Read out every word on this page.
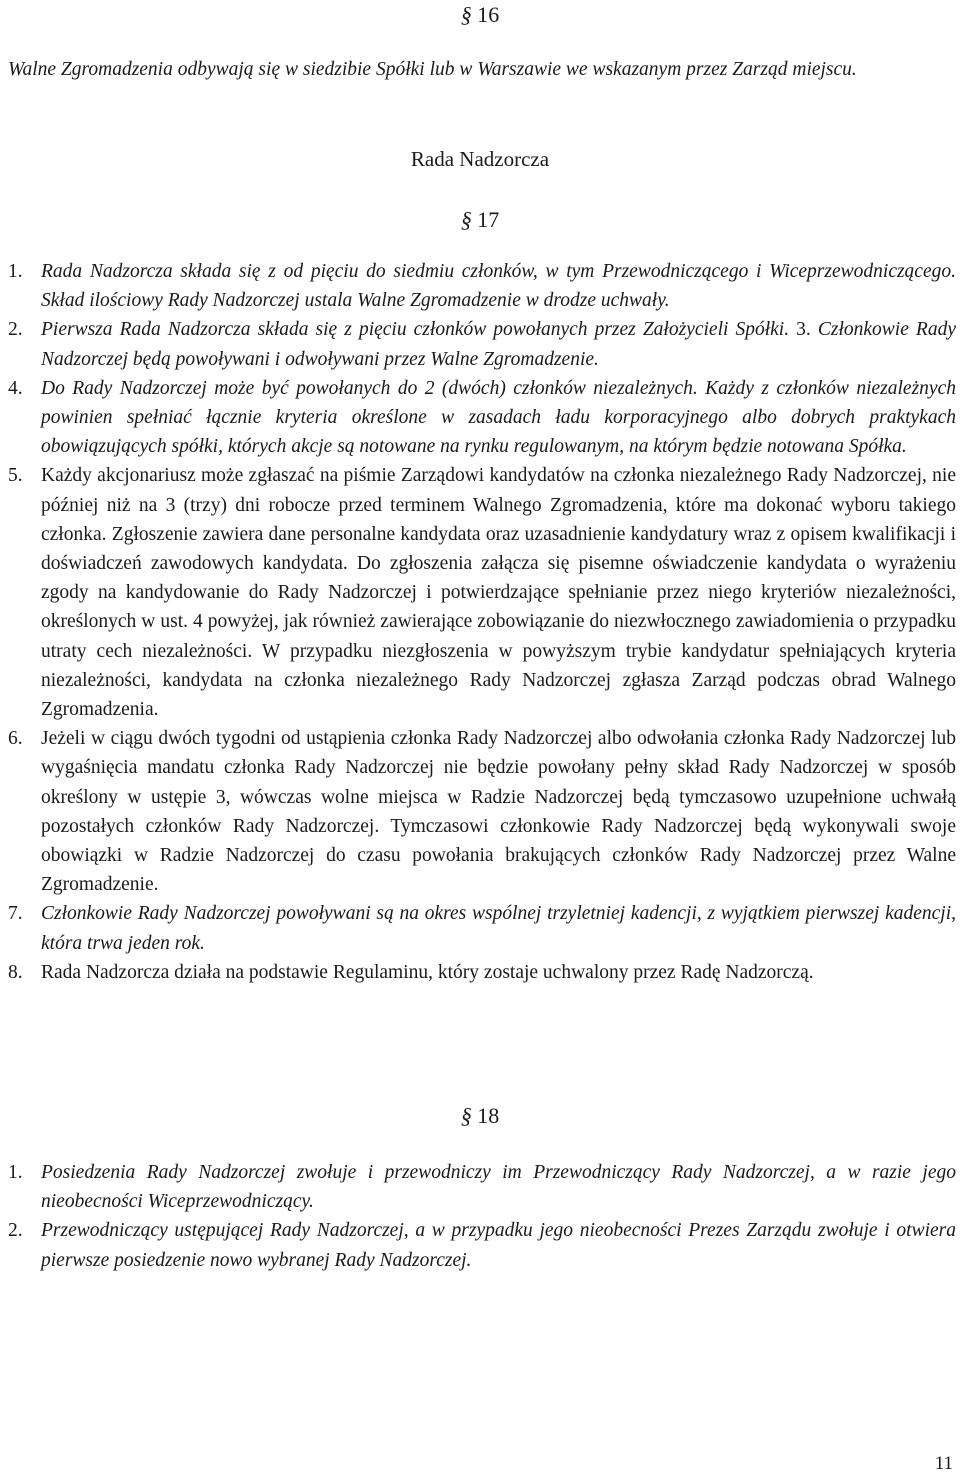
§ 16
Walne Zgromadzenia odbywają się w siedzibie Spółki lub w Warszawie we wskazanym przez Zarząd miejscu.
Rada Nadzorcza
§ 17
1. Rada Nadzorcza składa się z od pięciu do siedmiu członków, w tym Przewodniczącego i Wiceprzewodniczącego. Skład ilościowy Rady Nadzorczej ustala Walne Zgromadzenie w drodze uchwały.
2. Pierwsza Rada Nadzorcza składa się z pięciu członków powołanych przez Założycieli Spółki. 3. Członkowie Rady Nadzorczej będą powoływani i odwoływani przez Walne Zgromadzenie.
4. Do Rady Nadzorczej może być powołanych do 2 (dwóch) członków niezależnych. Każdy z członków niezależnych powinien spełniać łącznie kryteria określone w zasadach ładu korporacyjnego albo dobrych praktykach obowiązujących spółki, których akcje są notowane na rynku regulowanym, na którym będzie notowana Spółka.
5. Każdy akcjonariusz może zgłaszać na piśmie Zarządowi kandydatów na członka niezależnego Rady Nadzorczej, nie później niż na 3 (trzy) dni robocze przed terminem Walnego Zgromadzenia, które ma dokonać wyboru takiego członka. Zgłoszenie zawiera dane personalne kandydata oraz uzasadnienie kandydatury wraz z opisem kwalifikacji i doświadczeń zawodowych kandydata. Do zgłoszenia załącza się pisemne oświadczenie kandydata o wyrażeniu zgody na kandydowanie do Rady Nadzorczej i potwierdzające spełnianie przez niego kryteriów niezależności, określonych w ust. 4 powyżej, jak również zawierające zobowiązanie do niezwłocznego zawiadomienia o przypadku utraty cech niezależności. W przypadku niezgłoszenia w powyższym trybie kandydatur spełniających kryteria niezależności, kandydata na członka niezależnego Rady Nadzorczej zgłasza Zarząd podczas obrad Walnego Zgromadzenia.
6. Jeżeli w ciągu dwóch tygodni od ustąpienia członka Rady Nadzorczej albo odwołania członka Rady Nadzorczej lub wygaśnięcia mandatu członka Rady Nadzorczej nie będzie powołany pełny skład Rady Nadzorczej w sposób określony w ustępie 3, wówczas wolne miejsca w Radzie Nadzorczej będą tymczasowo uzupełnione uchwałą pozostałych członków Rady Nadzorczej. Tymczasowi członkowie Rady Nadzorczej będą wykonywali swoje obowiązki w Radzie Nadzorczej do czasu powołania brakujących członków Rady Nadzorczej przez Walne Zgromadzenie.
7. Członkowie Rady Nadzorczej powoływani są na okres wspólnej trzyletniej kadencji, z wyjątkiem pierwszej kadencji, która trwa jeden rok.
8. Rada Nadzorcza działa na podstawie Regulaminu, który zostaje uchwalony przez Radę Nadzorczą.
§ 18
1. Posiedzenia Rady Nadzorczej zwołuje i przewodniczy im Przewodniczący Rady Nadzorczej, a w razie jego nieobecności Wiceprzewodniczący.
2. Przewodniczący ustępującej Rady Nadzorczej, a w przypadku jego nieobecności Prezes Zarządu zwołuje i otwiera pierwsze posiedzenie nowo wybranej Rady Nadzorczej.
11
